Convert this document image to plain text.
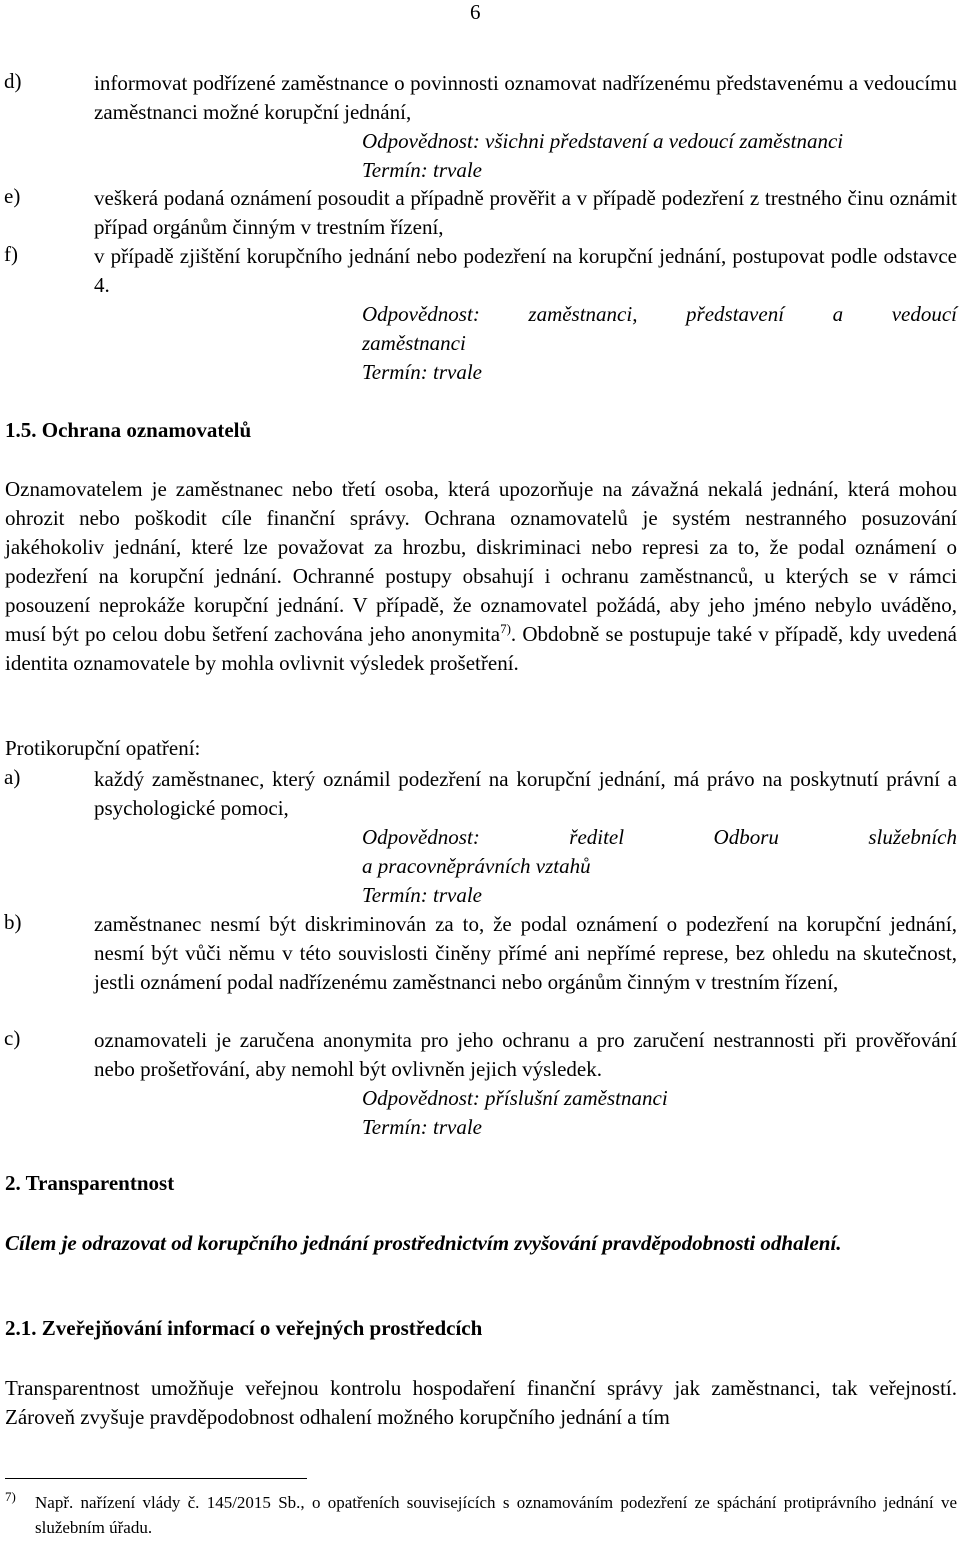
6
d)	informovat podřízené zaměstnance o povinnosti oznamovat nadřízenému představenému a vedoucímu zaměstnanci možné korupční jednání,
Odpovědnost: všichni představení a vedoucí zaměstnanci
Termín: trvale
e)	veškerá podaná oznámení posoudit a případně prověřit a v případě podezření z trestného činu oznámit případ orgánům činným v trestním řízení,
f)	v případě zjištění korupčního jednání nebo podezření na korupční jednání, postupovat podle odstavce 4.
Odpovědnost: zaměstnanci, představení a vedoucí
zaměstnanci
Termín: trvale
1.5. Ochrana oznamovatelů
Oznamovatelem je zaměstnanec nebo třetí osoba, která upozorňuje na závažná nekalá jednání, která mohou ohrozit nebo poškodit cíle finanční správy. Ochrana oznamovatelů je systém nestranného posuzování jakéhokoliv jednání, které lze považovat za hrozbu, diskriminaci nebo represi za to, že podal oznámení o podezření na korupční jednání. Ochranné postupy obsahují i ochranu zaměstnanců, u kterých se v rámci posouzení neprokáže korupční jednání. V případě, že oznamovatel požádá, aby jeho jméno nebylo uváděno, musí být po celou dobu šetření zachována jeho anonymita$^{7)}$. Obdobně se postupuje také v případě, kdy uvedená identita oznamovatele by mohla ovlivnit výsledek prošetření.
Protikorupční opatření:
a)	každý zaměstnanec, který oznámil podezření na korupční jednání, má právo na poskytnutí právní a psychologické pomoci,
Odpovědnost: ředitel Odboru služebních
a pracovněprávních vztahů
Termín: trvale
b)	zaměstnanec nesmí být diskriminován za to, že podal oznámení o podezření na korupční jednání, nesmí být vůči němu v této souvislosti činěny přímé ani nepřímé represe, bez ohledu na skutečnost, jestli oznámení podal nadřízenému zaměstnanci nebo orgánům činným v trestním řízení,
c)	oznamovateli je zaručena anonymita pro jeho ochranu a pro zaručení nestrannosti při prověřování nebo prošetřování, aby nemohl být ovlivněn jejich výsledek.
Odpovědnost: příslušní zaměstnanci
Termín: trvale
2. Transparentnost
Cílem je odrazovat od korupčního jednání prostřednictvím zvyšování pravděpodobnosti odhalení.
2.1. Zveřejňování informací o veřejných prostředcích
Transparentnost umožňuje veřejnou kontrolu hospodaření finanční správy jak zaměstnanci, tak veřejností. Zároveň zvyšuje pravděpodobnost odhalení možného korupčního jednání a tím
7) Např. nařízení vlády č. 145/2015 Sb., o opatřeních souvisejících s oznamováním podezření ze spáchání protiprávního jednání ve služebním úřadu.
